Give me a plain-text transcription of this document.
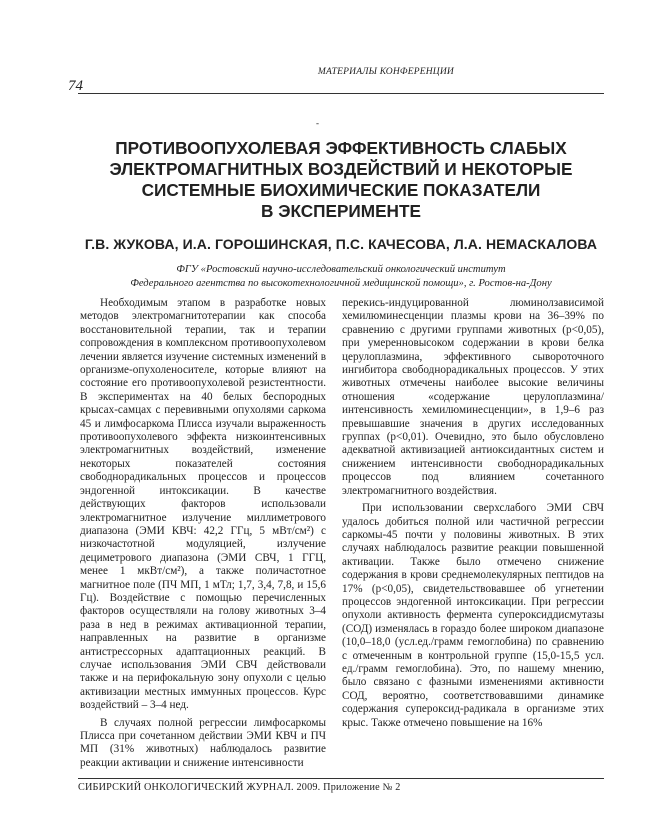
74
МАТЕРИАЛЫ КОНФЕРЕНЦИИ
-
ПРОТИВООПУХОЛЕВАЯ ЭФФЕКТИВНОСТЬ СЛАБЫХ
ЭЛЕКТРОМАГНИТНЫХ ВОЗДЕЙСТВИЙ И НЕКОТОРЫЕ
СИСТЕМНЫЕ БИОХИМИЧЕСКИЕ ПОКАЗАТЕЛИ
В ЭКСПЕРИМЕНТЕ
Г.В. ЖУКОВА, И.А. ГОРОШИНСКАЯ, П.С. КАЧЕСОВА, Л.А. НЕМАСКАЛОВА
ФГУ «Ростовский научно-исследовательский онкологический институт
Федерального агентства по высокотехнологичной медицинской помощи», г. Ростов-на-Дону

Необходимым этапом в разработке новых методов электромагнитотерапии как способа восстановительной терапии, так и терапии сопровождения в комплексном противоопухолевом лечении является изучение системных изменений в организме-опухоленосителе, которые влияют на состояние его противоопухолевой резистентности. В экспериментах на 40 белых беспородных крысах-самцах с перевивными опухолями саркома 45 и лимфосаркома Плисса изучали выраженность противоопухолевого эффекта низкоинтенсивных электромагнитных воздействий, изменение некоторых показателей состояния свободнорадикальных процессов и процессов эндогенной интоксикации. В качестве действующих факторов использовали электромагнитное излучение миллиметрового диапазона (ЭМИ КВЧ: 42,2 ГГц, 5 мВт/см²) с низкочастотной модуляцией, излучение дециметрового диапазона (ЭМИ СВЧ, 1 ГГЦ, менее 1 мкВт/см²), а также поличастотное магнитное поле (ПЧ МП, 1 мТл; 1,7, 3,4, 7,8, и 15,6 Гц). Воздействие с помощью перечисленных факторов осуществляли на голову животных 3–4 раза в нед в режимах активационной терапии, направленных на развитие в организме антистрессорных адаптационных реакций. В случае использования ЭМИ СВЧ действовали также и на перифокальную зону опухоли с целью активизации местных иммунных процессов. Курс воздействий – 3–4 нед.

В случаях полной регрессии лимфосаркомы Плисса при сочетанном действии ЭМИ КВЧ и ПЧ МП (31% животных) наблюдалось развитие реакции активации и снижение интенсивности

перекись-индуцированной люминолзависимой хемилюминесценции плазмы крови на 36–39% по сравнению с другими группами животных (p<0,05), при умеренновысоком содержании в крови белка церулоплазмина, эффективного сывороточного ингибитора свободнорадикальных процессов. У этих животных отмечены наиболее высокие величины отношения «содержание церулоплазмина/интенсивность хемилюминесценции», в 1,9–6 раз превышавшие значения в других исследованных группах (p<0,01). Очевидно, это было обусловлено адекватной активизацией антиоксидантных систем и снижением интенсивности свободнорадикальных процессов под влиянием сочетанного электромагнитного воздействия.

При использовании сверхслабого ЭМИ СВЧ удалось добиться полной или частичной регрессии саркомы-45 почти у половины животных. В этих случаях наблюдалось развитие реакции повышенной активации. Также было отмечено снижение содержания в крови среднемолекулярных пептидов на 17% (p<0,05), свидетельствовавшее об угнетении процессов эндогенной интоксикации. При регрессии опухоли активность фермента супероксиддисмутазы (СОД) изменялась в гораздо более широком диапазоне (10,0–18,0 (усл.ед./грамм гемоглобина) по сравнению с отмеченным в контрольной группе (15,0-15,5 усл. ед./грамм гемоглобина). Это, по нашему мнению, было связано с фазными изменениями активности СОД, вероятно, соответствовавшими динамике содержания супероксид-радикала в организме этих крыс. Также отмечено повышение на 16%

СИБИРСКИЙ ОНКОЛОГИЧЕСКИЙ ЖУРНАЛ. 2009. Приложение № 2
